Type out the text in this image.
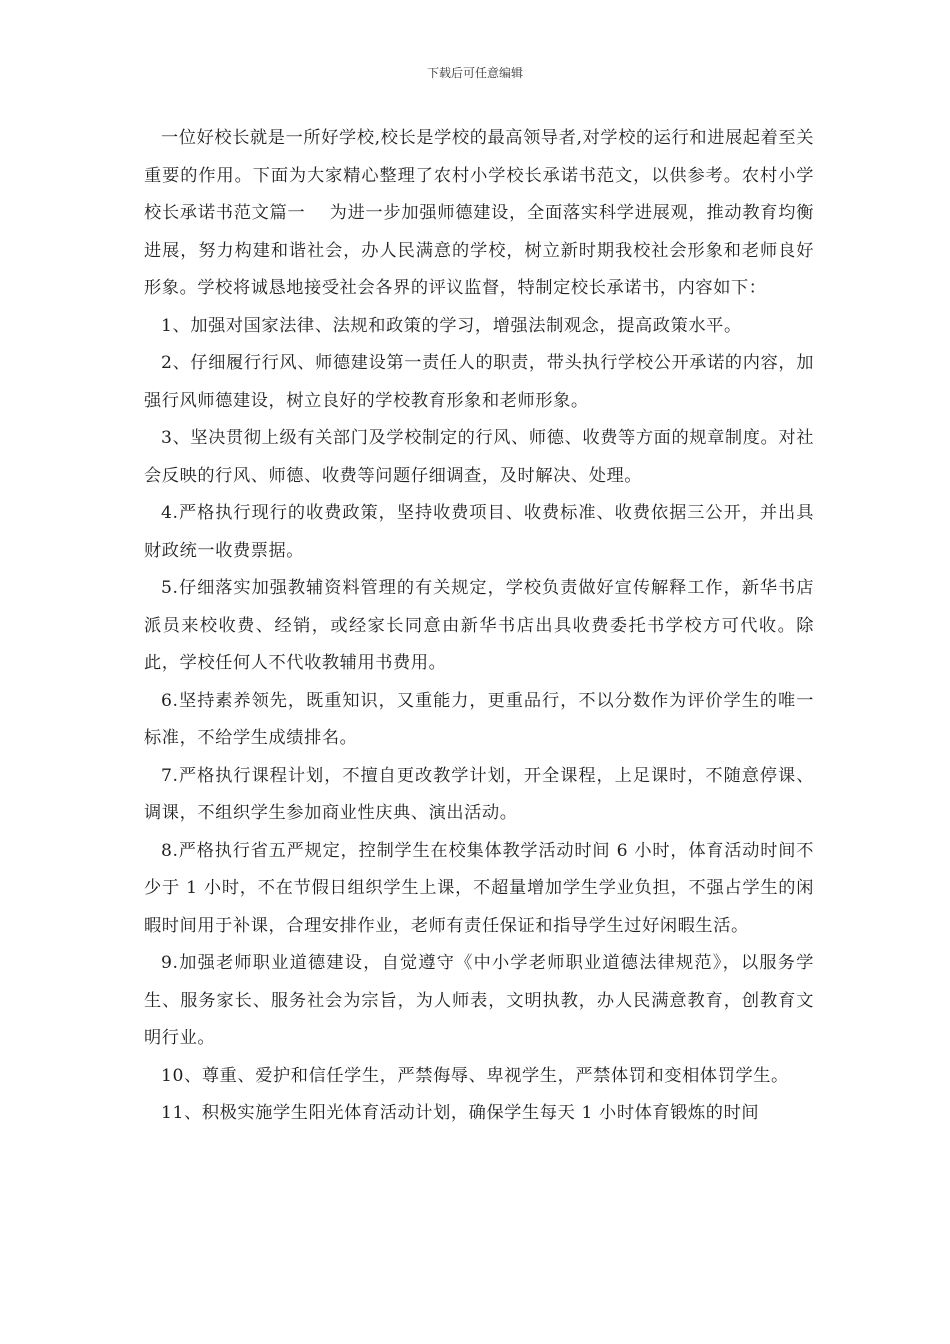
下载后可任意编辑

一位好校长就是一所好学校,校长是学校的最高领导者,对学校的运行和进展起着至关重要的作用。下面为大家精心整理了农村小学校长承诺书范文，以供参考。农村小学校长承诺书范文篇一　 为进一步加强师德建设，全面落实科学进展观，推动教育均衡进展，努力构建和谐社会，办人民满意的学校，树立新时期我校社会形象和老师良好形象。学校将诚恳地接受社会各界的评议监督，特制定校长承诺书，内容如下：

1、加强对国家法律、法规和政策的学习，增强法制观念，提高政策水平。

2、仔细履行行风、师德建设第一责任人的职责，带头执行学校公开承诺的内容，加强行风师德建设，树立良好的学校教育形象和老师形象。

3、坚决贯彻上级有关部门及学校制定的行风、师德、收费等方面的规章制度。对社会反映的行风、师德、收费等问题仔细调查，及时解决、处理。

4.严格执行现行的收费政策，坚持收费项目、收费标准、收费依据三公开，并出具财政统一收费票据。

5.仔细落实加强教辅资料管理的有关规定，学校负责做好宣传解释工作，新华书店派员来校收费、经销，或经家长同意由新华书店出具收费委托书学校方可代收。除此，学校任何人不代收教辅用书费用。

6.坚持素养领先，既重知识，又重能力，更重品行，不以分数作为评价学生的唯一标准，不给学生成绩排名。

7.严格执行课程计划，不擅自更改教学计划，开全课程，上足课时，不随意停课、调课，不组织学生参加商业性庆典、演出活动。

8.严格执行省五严规定，控制学生在校集体教学活动时间 6 小时，体育活动时间不少于 1 小时，不在节假日组织学生上课，不超量增加学生学业负担，不强占学生的闲暇时间用于补课，合理安排作业，老师有责任保证和指导学生过好闲暇生活。

9.加强老师职业道德建设，自觉遵守《中小学老师职业道德法律规范》，以服务学生、服务家长、服务社会为宗旨，为人师表，文明执教，办人民满意教育，创教育文明行业。

10、尊重、爱护和信任学生，严禁侮辱、卑视学生，严禁体罚和变相体罚学生。

11、积极实施学生阳光体育活动计划，确保学生每天 1 小时体育锻炼的时间
